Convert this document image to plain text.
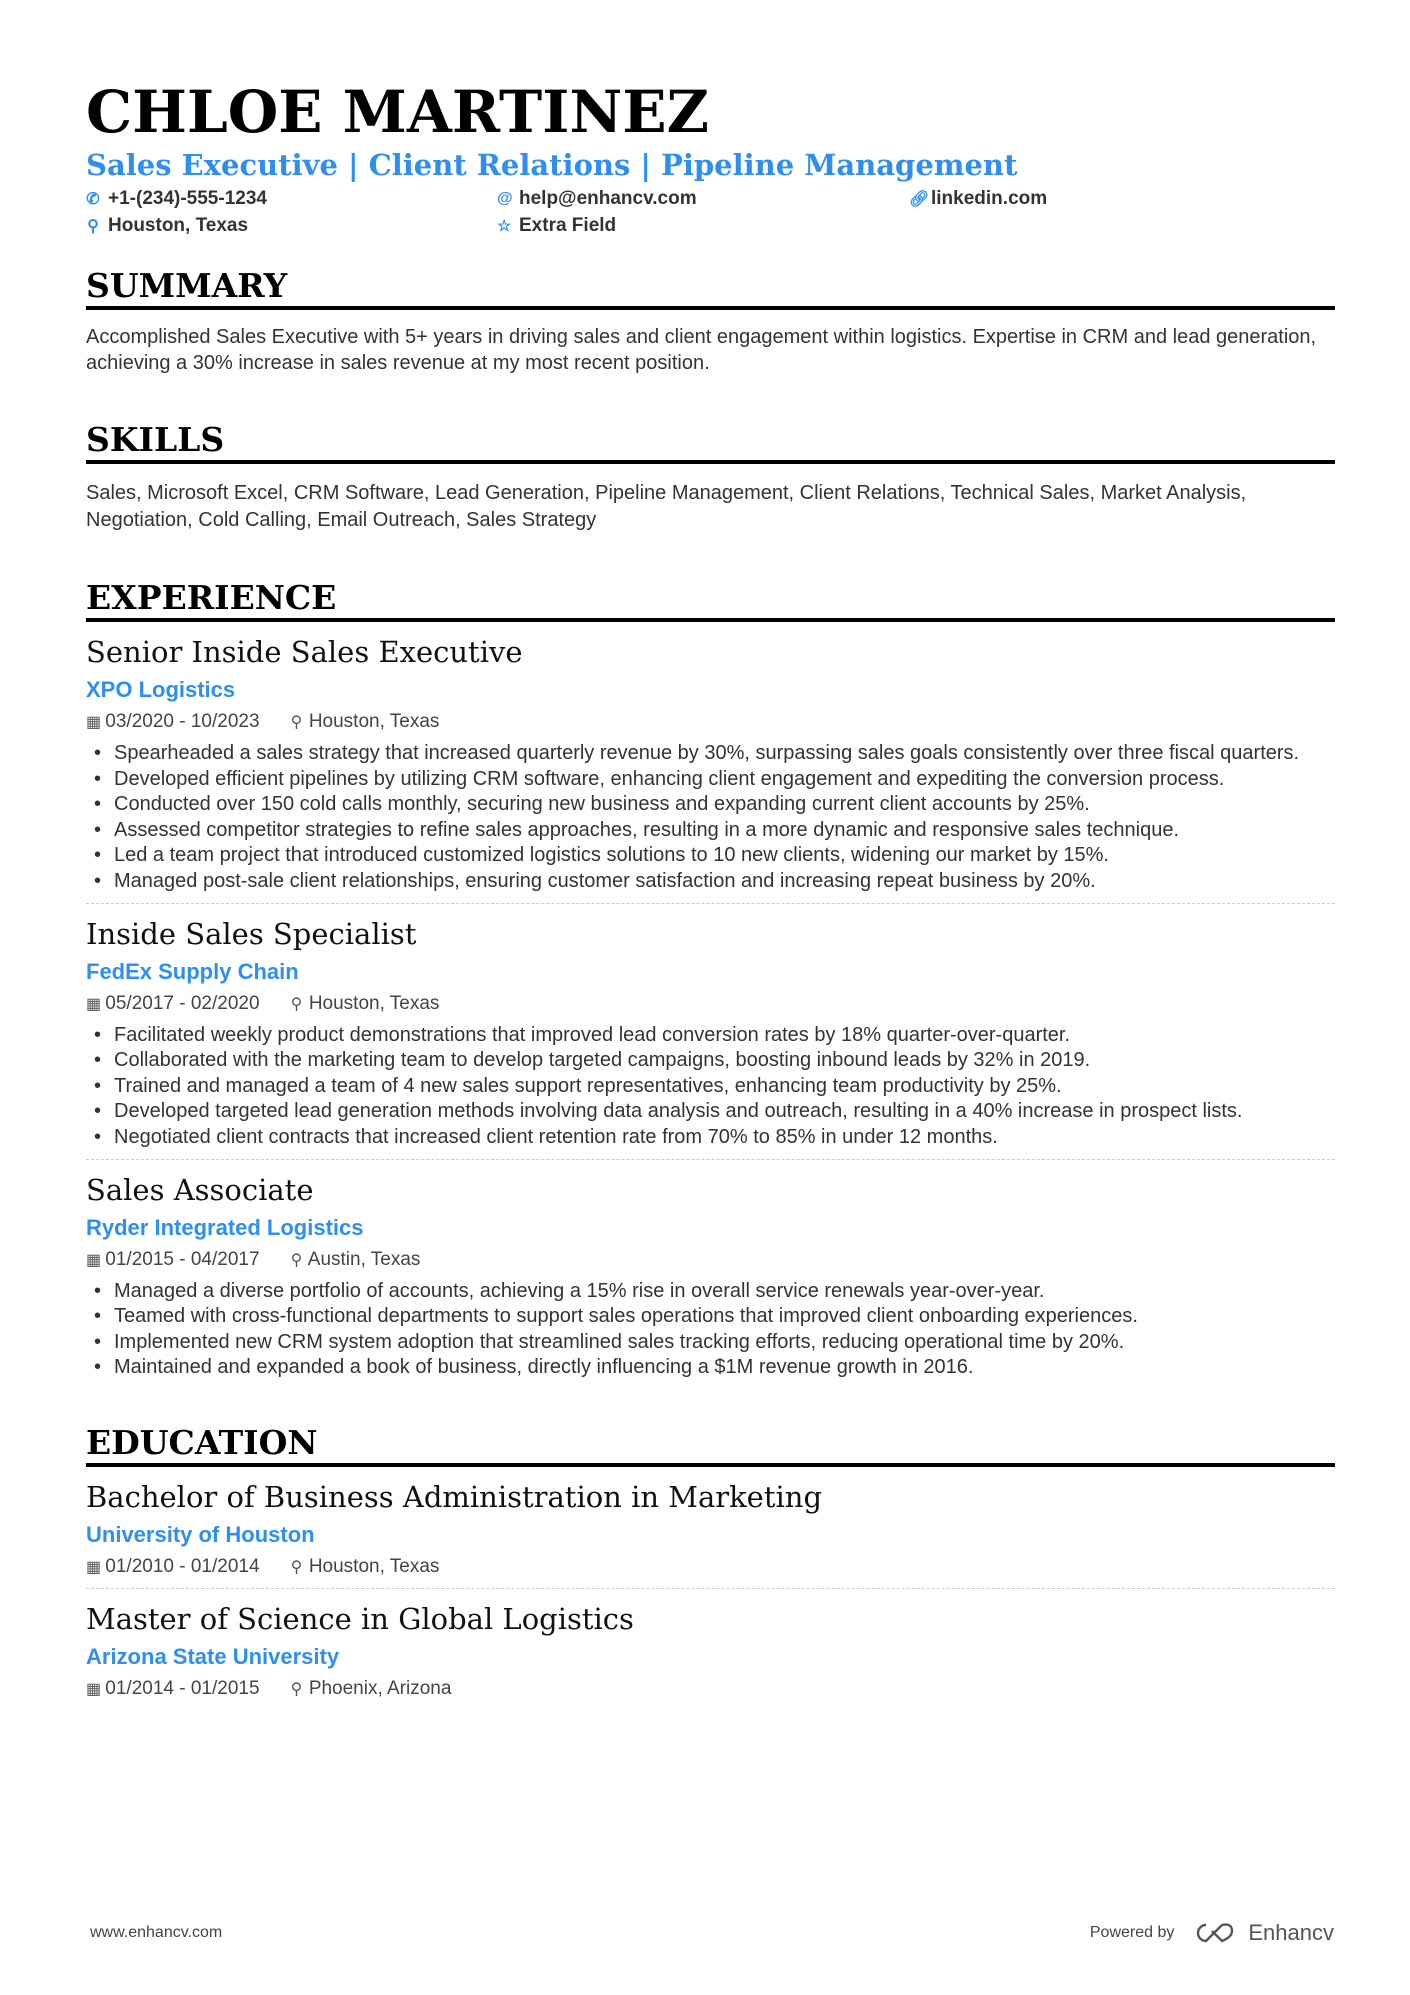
CHLOE MARTINEZ
Sales Executive | Client Relations | Pipeline Management
✆ +1-(234)-555-1234	@ help@enhancv.com	🔗︎ linkedin.com
⚲ Houston, Texas	☆ Extra Field
SUMMARY
Accomplished Sales Executive with 5+ years in driving sales and client engagement within logistics. Expertise in CRM and lead generation, achieving a 30% increase in sales revenue at my most recent position.
SKILLS
Sales, Microsoft Excel, CRM Software, Lead Generation, Pipeline Management, Client Relations, Technical Sales, Market Analysis, Negotiation, Cold Calling, Email Outreach, Sales Strategy
EXPERIENCE
Senior Inside Sales Executive
XPO Logistics
▦ 03/2020 - 10/2023 ⚲ Houston, Texas
• Spearheaded a sales strategy that increased quarterly revenue by 30%, surpassing sales goals consistently over three fiscal quarters.
• Developed efficient pipelines by utilizing CRM software, enhancing client engagement and expediting the conversion process.
• Conducted over 150 cold calls monthly, securing new business and expanding current client accounts by 25%.
• Assessed competitor strategies to refine sales approaches, resulting in a more dynamic and responsive sales technique.
• Led a team project that introduced customized logistics solutions to 10 new clients, widening our market by 15%.
• Managed post-sale client relationships, ensuring customer satisfaction and increasing repeat business by 20%.
Inside Sales Specialist
FedEx Supply Chain
▦ 05/2017 - 02/2020 ⚲ Houston, Texas
• Facilitated weekly product demonstrations that improved lead conversion rates by 18% quarter-over-quarter.
• Collaborated with the marketing team to develop targeted campaigns, boosting inbound leads by 32% in 2019.
• Trained and managed a team of 4 new sales support representatives, enhancing team productivity by 25%.
• Developed targeted lead generation methods involving data analysis and outreach, resulting in a 40% increase in prospect lists.
• Negotiated client contracts that increased client retention rate from 70% to 85% in under 12 months.
Sales Associate
Ryder Integrated Logistics
▦ 01/2015 - 04/2017 ⚲ Austin, Texas
• Managed a diverse portfolio of accounts, achieving a 15% rise in overall service renewals year-over-year.
• Teamed with cross-functional departments to support sales operations that improved client onboarding experiences.
• Implemented new CRM system adoption that streamlined sales tracking efforts, reducing operational time by 20%.
• Maintained and expanded a book of business, directly influencing a $1M revenue growth in 2016.
EDUCATION
Bachelor of Business Administration in Marketing
University of Houston
▦ 01/2010 - 01/2014 ⚲ Houston, Texas
Master of Science in Global Logistics
Arizona State University
▦ 01/2014 - 01/2015 ⚲ Phoenix, Arizona
www.enhancv.com	Powered by	Enhancv
